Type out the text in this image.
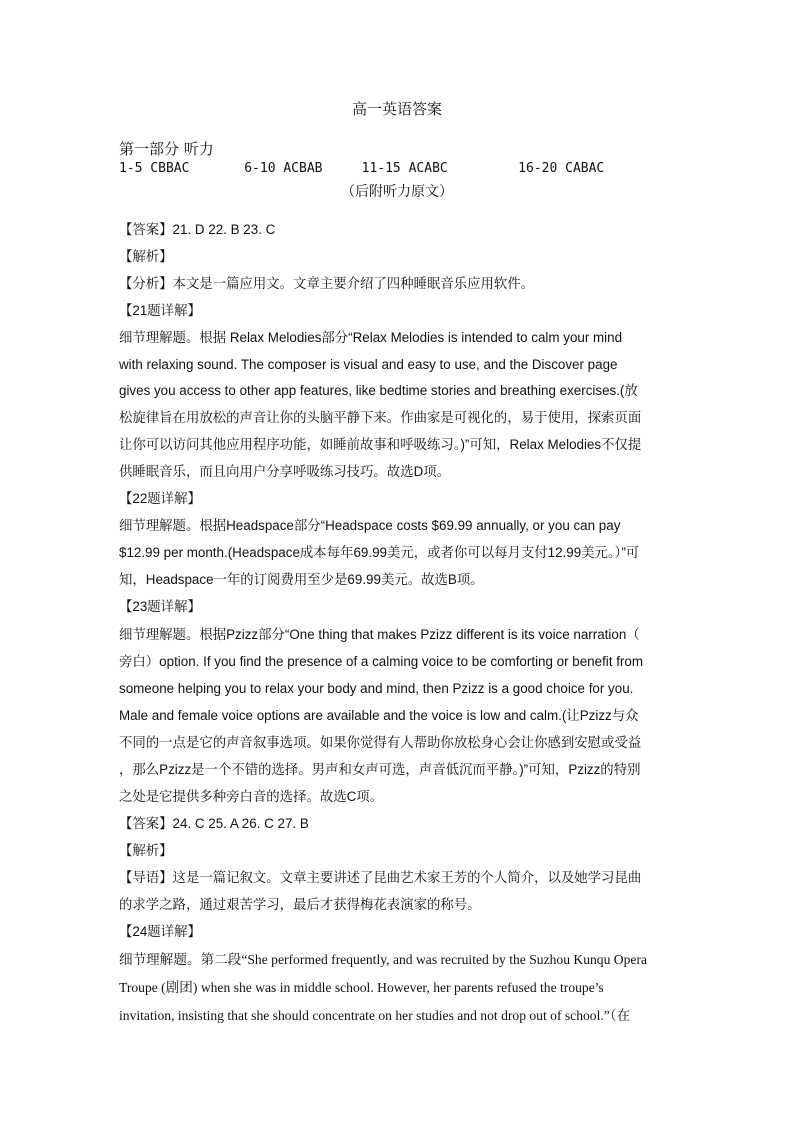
高一英语答案
第一部分 听力
1-5 CBBAC       6-10 ACBAB     11-15 ACABC         16-20 CABAC
（后附听力原文）
【答案】21. D 22. B 23. C
【解析】
【分析】本文是一篇应用文。文章主要介绍了四种睡眠音乐应用软件。
【21题详解】
细节理解题。根据 Relax Melodies部分“Relax Melodies is intended to calm your mind
with relaxing sound. The composer is visual and easy to use, and the Discover page
gives you access to other app features, like bedtime stories and breathing exercises.(放
松旋律旨在用放松的声音让你的头脑平静下来。作曲家是可视化的，易于使用，探索页面
让你可以访问其他应用程序功能，如睡前故事和呼吸练习。)”可知，Relax Melodies不仅提
供睡眠音乐，而且向用户分享呼吸练习技巧。故选D项。
【22题详解】
细节理解题。根据Headspace部分“Headspace costs $69.99 annually, or you can pay
$12.99 per month.(Headspace成本每年69.99美元，或者你可以每月支付12.99美元。）”可
知，Headspace一年的订阅费用至少是69.99美元。故选B项。
【23题详解】
细节理解题。根据Pzizz部分“One thing that makes Pzizz different is its voice narration（
旁白）option. If you find the presence of a calming voice to be comforting or benefit from
someone helping you to relax your body and mind, then Pzizz is a good choice for you.
Male and female voice options are available and the voice is low and calm.(让Pzizz与众
不同的一点是它的声音叙事选项。如果你觉得有人帮助你放松身心会让你感到安慰或受益
，那么Pzizz是一个不错的选择。男声和女声可选，声音低沉而平静。)”可知，Pzizz的特别
之处是它提供多种旁白音的选择。故选C项。
【答案】24. C 25. A 26. C 27. B
【解析】
【导语】这是一篇记叙文。文章主要讲述了昆曲艺术家王芳的个人简介，以及她学习昆曲
的求学之路，通过艰苦学习，最后才获得梅花表演家的称号。
【24题详解】
细节理解题。第二段“She performed frequently, and was recruited by the Suzhou Kunqu Opera
Troupe (剧团) when she was in middle school. However, her parents refused the troupe’s
invitation, insisting that she should concentrate on her studies and not drop out of school.”（在
